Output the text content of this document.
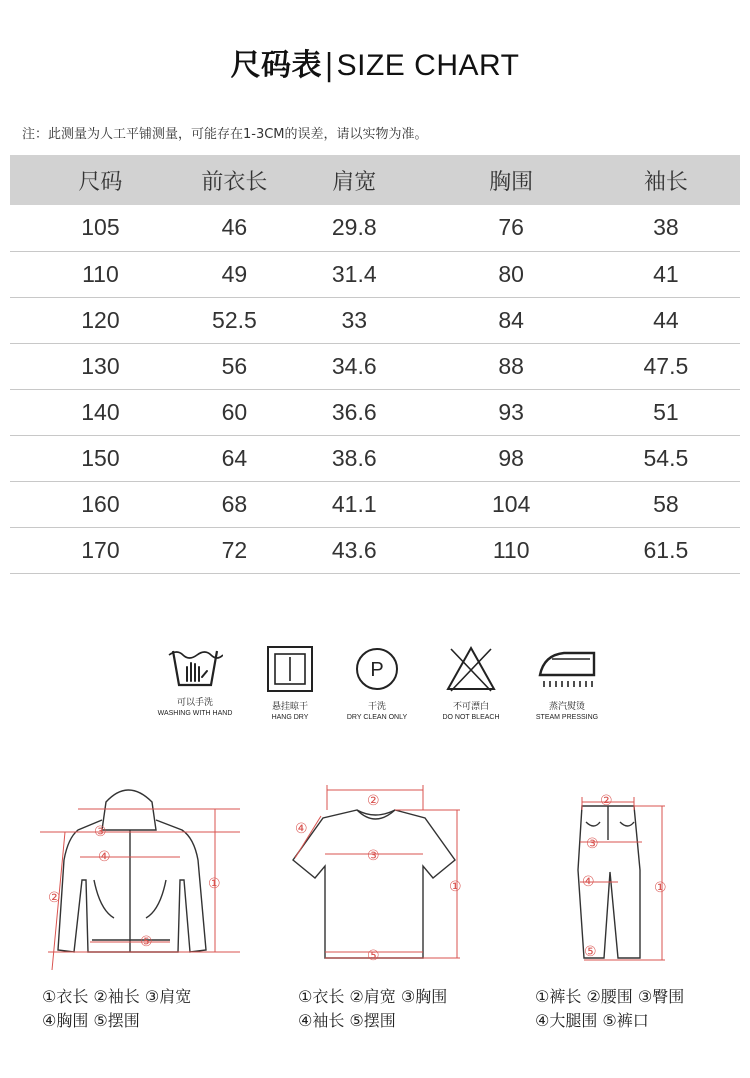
尺码表|SIZE CHART
注：此测量为人工平铺测量，可能存在1-3CM的误差，请以实物为准。
尺码	前衣长	肩宽	胸围	袖长
105	46	29.8	76	38
110	49	31.4	80	41
120	52.5	33	84	44
130	56	34.6	88	47.5
140	60	36.6	93	51
150	64	38.6	98	54.5
160	68	41.1	104	58
170	72	43.6	110	61.5
可以手洗
WASHING WITH HAND
悬挂晾干
HANG DRY
P
干洗
DRY CLEAN ONLY
不可漂白
DO NOT BLEACH
蒸汽熨烫
STEAM PRESSING
③
④
②
①
⑤
①衣长 ②袖长 ③肩宽
④胸围 ⑤摆围
②
④
③
①
⑤
①衣长 ②肩宽 ③胸围
④袖长 ⑤摆围
②
③
④	①
⑤
①裤长 ②腰围 ③臀围
④大腿围 ⑤裤口
